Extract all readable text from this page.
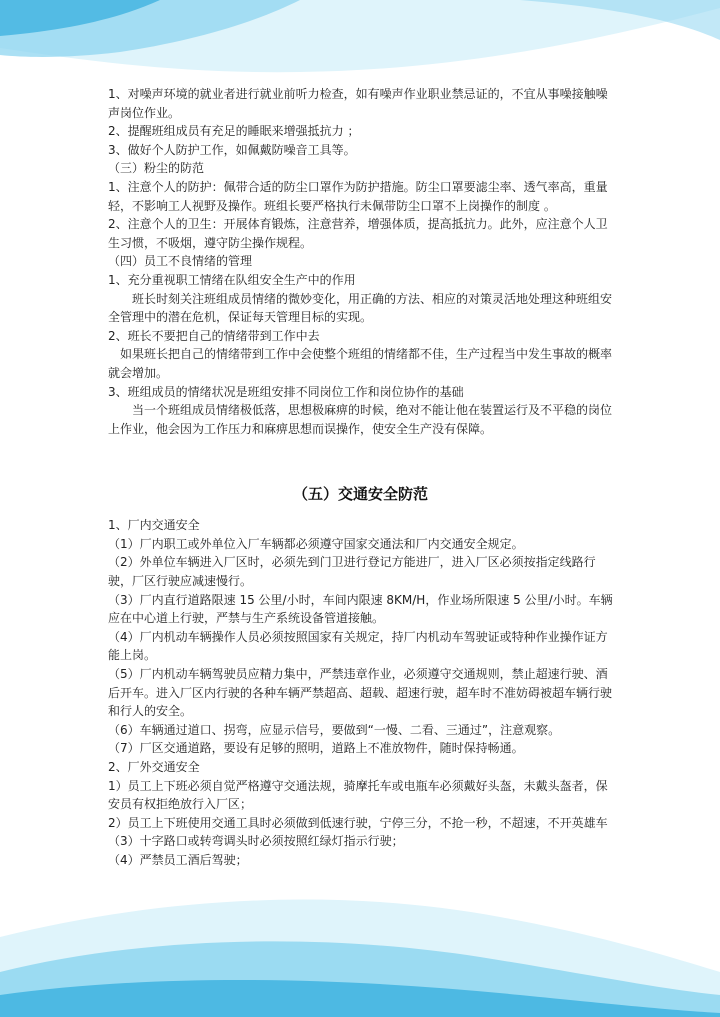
1、对噪声环境的就业者进行就业前听力检查，如有噪声作业职业禁忌证的，不宜从事噪接触噪声岗位作业。

2、提醒班组成员有充足的睡眠来增强抵抗力 ；

3、做好个人防护工作，如佩戴防噪音工具等。

（三）粉尘的防范

1、注意个人的防护：佩带合适的防尘口罩作为防护措施。防尘口罩要滤尘率、透气率高，重量轻，不影响工人视野及操作。班组长要严格执行未佩带防尘口罩不上岗操作的制度 。

2、注意个人的卫生：开展体育锻炼，注意营养，增强体质，提高抵抗力。此外，应注意个人卫生习惯，不吸烟，遵守防尘操作规程。

（四）员工不良情绪的管理

1、充分重视职工情绪在队组安全生产中的作用

班长时刻关注班组成员情绪的微妙变化，用正确的方法、相应的对策灵活地处理这种班组安全管理中的潜在危机，保证每天管理目标的实现。

2、班长不要把自己的情绪带到工作中去

如果班长把自己的情绪带到工作中会使整个班组的情绪都不佳，生产过程当中发生事故的概率就会增加。

3、班组成员的情绪状况是班组安排不同岗位工作和岗位协作的基础

当一个班组成员情绪极低落，思想极麻痹的时候，绝对不能让他在装置运行及不平稳的岗位上作业，他会因为工作压力和麻痹思想而误操作，使安全生产没有保障。

（五）交通安全防范

1、厂内交通安全

（1）厂内职工或外单位入厂车辆都必须遵守国家交通法和厂内交通安全规定。

（2）外单位车辆进入厂区时，必须先到门卫进行登记方能进厂，进入厂区必须按指定线路行驶，厂区行驶应减速慢行。

（3）厂内直行道路限速 15 公里/小时，车间内限速 8KM/H，作业场所限速 5 公里/小时。车辆应在中心道上行驶，严禁与生产系统设备管道接触。

（4）厂内机动车辆操作人员必须按照国家有关规定，持厂内机动车驾驶证或特种作业操作证方能上岗。

（5）厂内机动车辆驾驶员应精力集中，严禁违章作业，必须遵守交通规则，禁止超速行驶、酒后开车。进入厂区内行驶的各种车辆严禁超高、超载、超速行驶，超车时不准妨碍被超车辆行驶和行人的安全。

（6）车辆通过道口、拐弯，应显示信号，要做到“一慢、二看、三通过”，注意观察。

（7）厂区交通道路，要设有足够的照明，道路上不准放物件，随时保持畅通。

2、厂外交通安全

1）员工上下班必须自觉严格遵守交通法规，骑摩托车或电瓶车必须戴好头盔，未戴头盔者，保安员有权拒绝放行入厂区；

2）员工上下班使用交通工具时必须做到低速行驶，宁停三分，不抢一秒，不超速，不开英雄车

（3）十字路口或转弯调头时必须按照红绿灯指示行驶；

（4）严禁员工酒后驾驶；
